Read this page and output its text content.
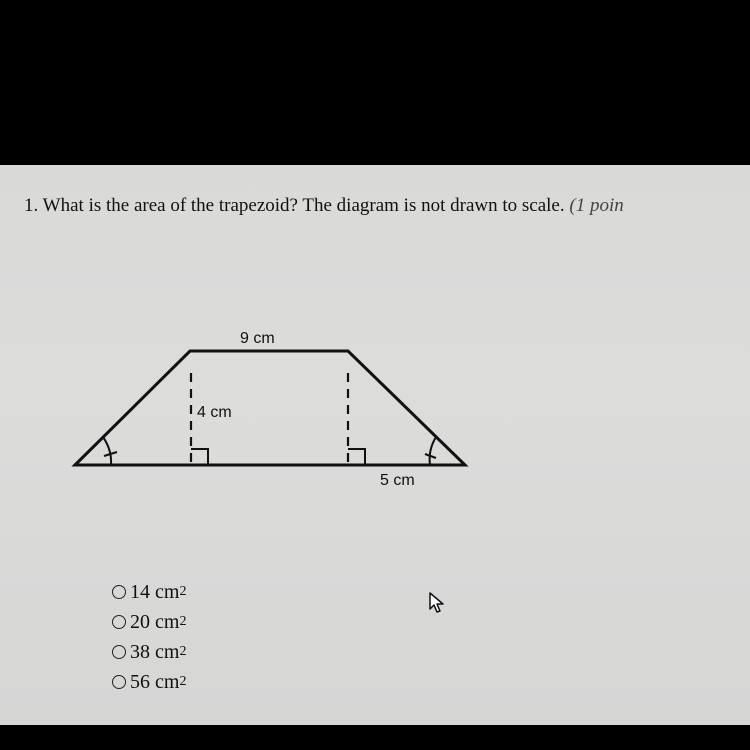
1. What is the area of the trapezoid? The diagram is not drawn to scale. (1 poin
9 cm
4 cm
5 cm
14 cm 2
20 cm 2
38 cm 2
56 cm 2
